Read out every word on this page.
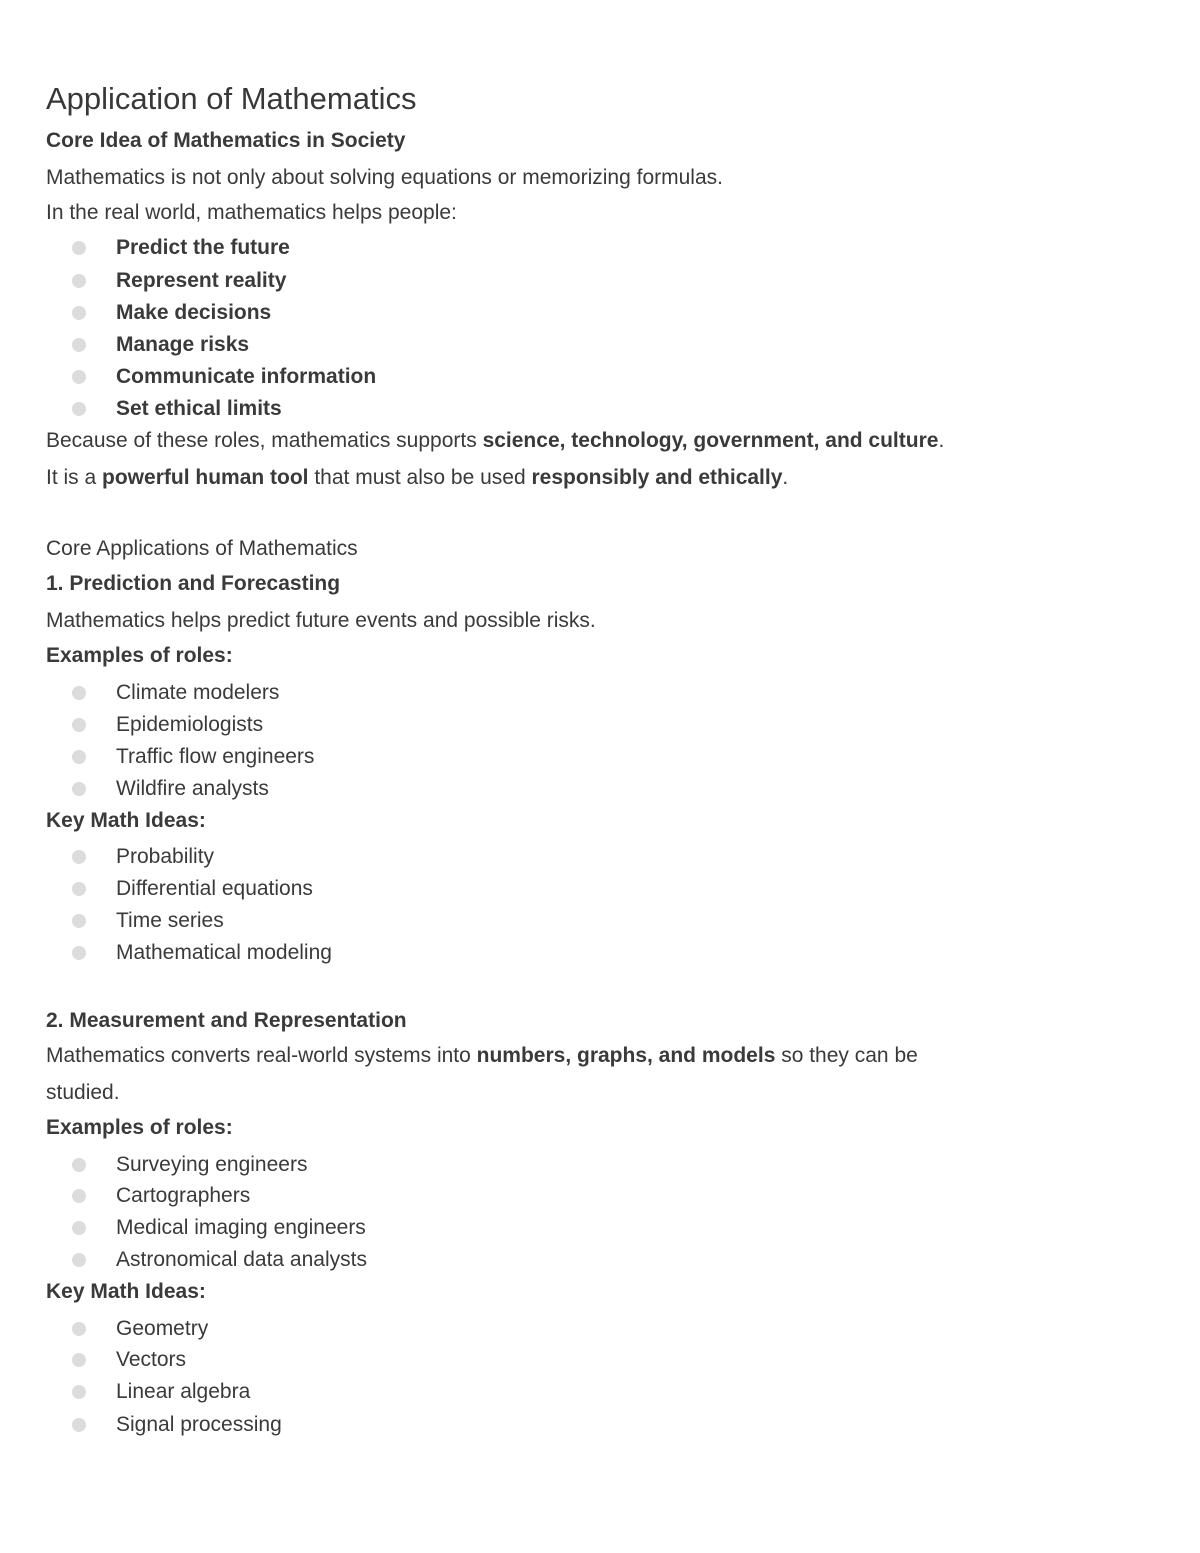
Application of Mathematics
Core Idea of Mathematics in Society
Mathematics is not only about solving equations or memorizing formulas.
In the real world, mathematics helps people:
Predict the future
Represent reality
Make decisions
Manage risks
Communicate information
Set ethical limits
Because of these roles, mathematics supports science, technology, government, and culture.
It is a powerful human tool that must also be used responsibly and ethically.
Core Applications of Mathematics
1. Prediction and Forecasting
Mathematics helps predict future events and possible risks.
Examples of roles:
Climate modelers
Epidemiologists
Traffic flow engineers
Wildfire analysts
Key Math Ideas:
Probability
Differential equations
Time series
Mathematical modeling
2. Measurement and Representation
Mathematics converts real-world systems into numbers, graphs, and models so they can be
studied.
Examples of roles:
Surveying engineers
Cartographers
Medical imaging engineers
Astronomical data analysts
Key Math Ideas:
Geometry
Vectors
Linear algebra
Signal processing
